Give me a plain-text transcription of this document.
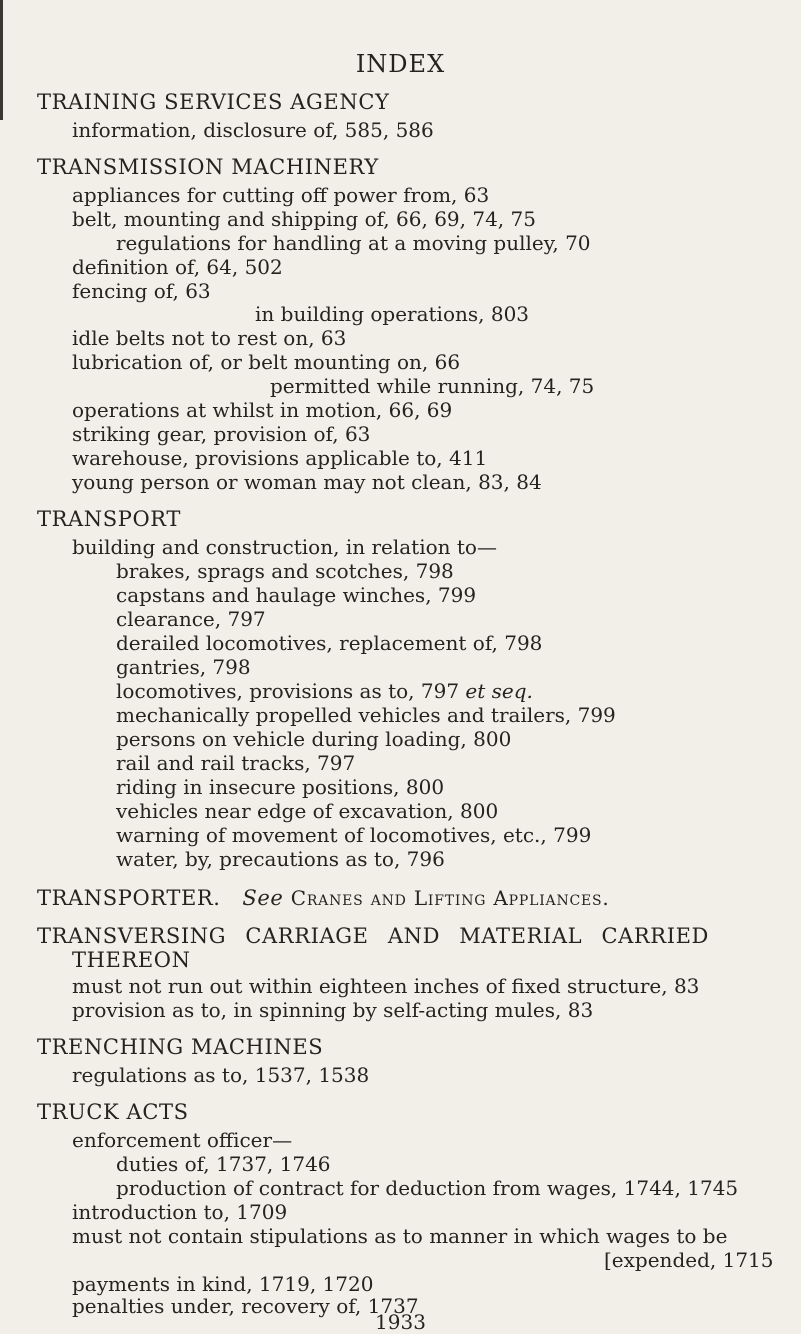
INDEX
TRAINING SERVICES AGENCY
information, disclosure of, 585, 586
TRANSMISSION MACHINERY
appliances for cutting off power from, 63
belt, mounting and shipping of, 66, 69, 74, 75
regulations for handling at a moving pulley, 70
definition of, 64, 502
fencing of, 63
in building operations, 803
idle belts not to rest on, 63
lubrication of, or belt mounting on, 66
permitted while running, 74, 75
operations at whilst in motion, 66, 69
striking gear, provision of, 63
warehouse, provisions applicable to, 411
young person or woman may not clean, 83, 84
TRANSPORT
building and construction, in relation to—
brakes, sprags and scotches, 798
capstans and haulage winches, 799
clearance, 797
derailed locomotives, replacement of, 798
gantries, 798
locomotives, provisions as to, 797 et seq.
mechanically propelled vehicles and trailers, 799
persons on vehicle during loading, 800
rail and rail tracks, 797
riding in insecure positions, 800
vehicles near edge of excavation, 800
warning of movement of locomotives, etc., 799
water, by, precautions as to, 796
TRANSPORTER. See Cranes and Lifting Appliances.
TRANSVERSING CARRIAGE AND MATERIAL CARRIED
THEREON
must not run out within eighteen inches of fixed structure, 83
provision as to, in spinning by self-acting mules, 83
TRENCHING MACHINES
regulations as to, 1537, 1538
TRUCK ACTS
enforcement officer—
duties of, 1737, 1746
production of contract for deduction from wages, 1744, 1745
introduction to, 1709
must not contain stipulations as to manner in which wages to be
[expended, 1715
payments in kind, 1719, 1720
penalties under, recovery of, 1737
1933
